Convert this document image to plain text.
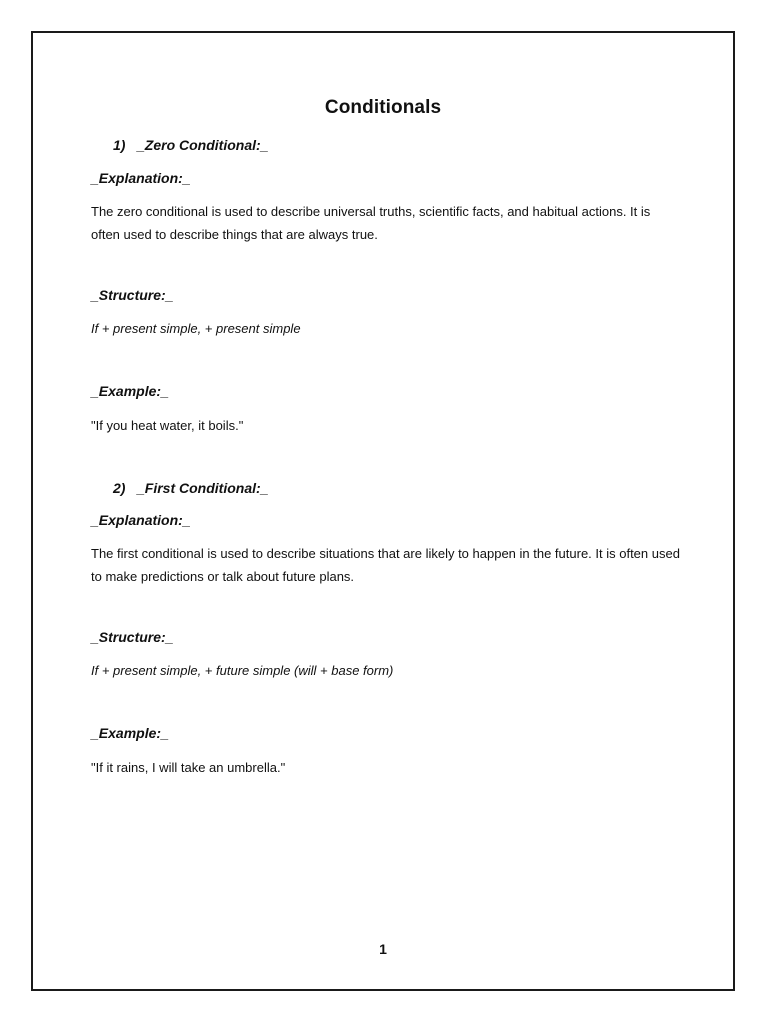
Conditionals
1) _Zero Conditional:_
_Explanation:_
The zero conditional is used to describe universal truths, scientific facts, and habitual actions. It is often used to describe things that are always true.
_Structure:_
If + present simple, + present simple
_Example:_
"If you heat water, it boils."
2) _First Conditional:_
_Explanation:_
The first conditional is used to describe situations that are likely to happen in the future. It is often used to make predictions or talk about future plans.
_Structure:_
If + present simple, + future simple (will + base form)
_Example:_
"If it rains, I will take an umbrella."
1
